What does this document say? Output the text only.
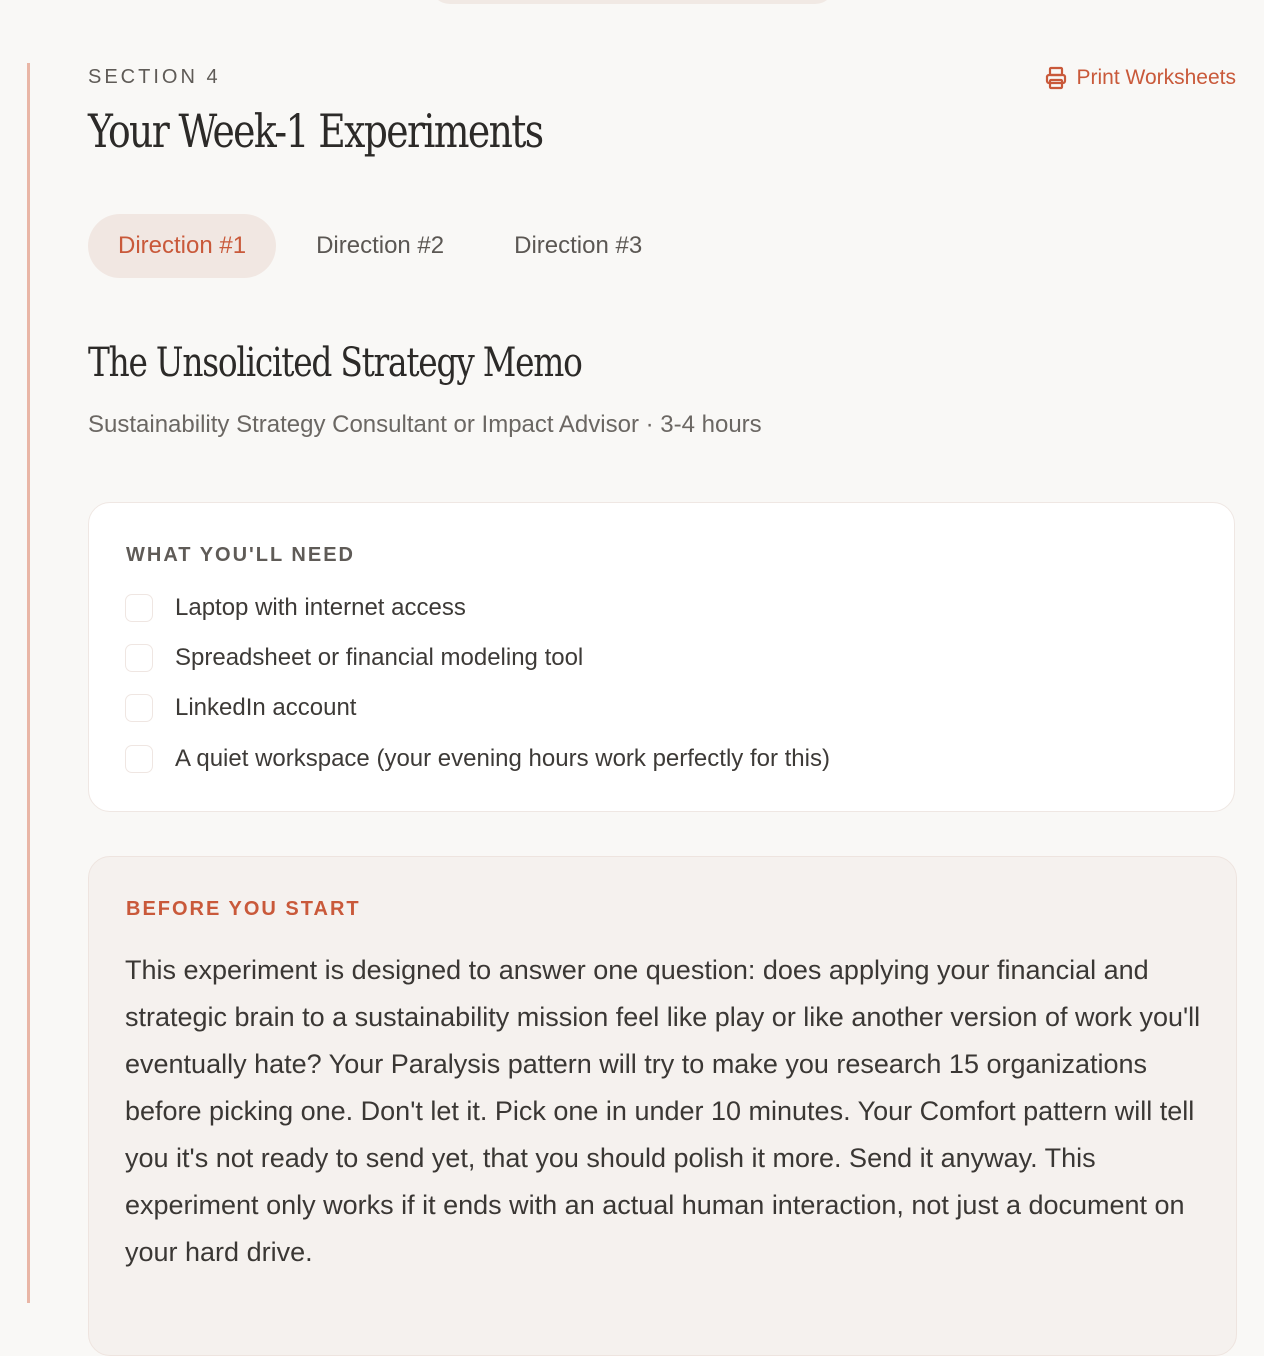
SECTION 4	Print Worksheets
Your Week-1 Experiments
Direction #1	Direction #2	Direction #3
The Unsolicited Strategy Memo
Sustainability Strategy Consultant or Impact Advisor · 3-4 hours
WHAT YOU'LL NEED
Laptop with internet access
Spreadsheet or financial modeling tool
LinkedIn account
A quiet workspace (your evening hours work perfectly for this)
BEFORE YOU START

This experiment is designed to answer one question: does applying your financial and strategic brain to a sustainability mission feel like play or like another version of work you'll eventually hate? Your Paralysis pattern will try to make you research 15 organizations before picking one. Don't let it. Pick one in under 10 minutes. Your Comfort pattern will tell you it's not ready to send yet, that you should polish it more. Send it anyway. This experiment only works if it ends with an actual human interaction, not just a document on your hard drive.
